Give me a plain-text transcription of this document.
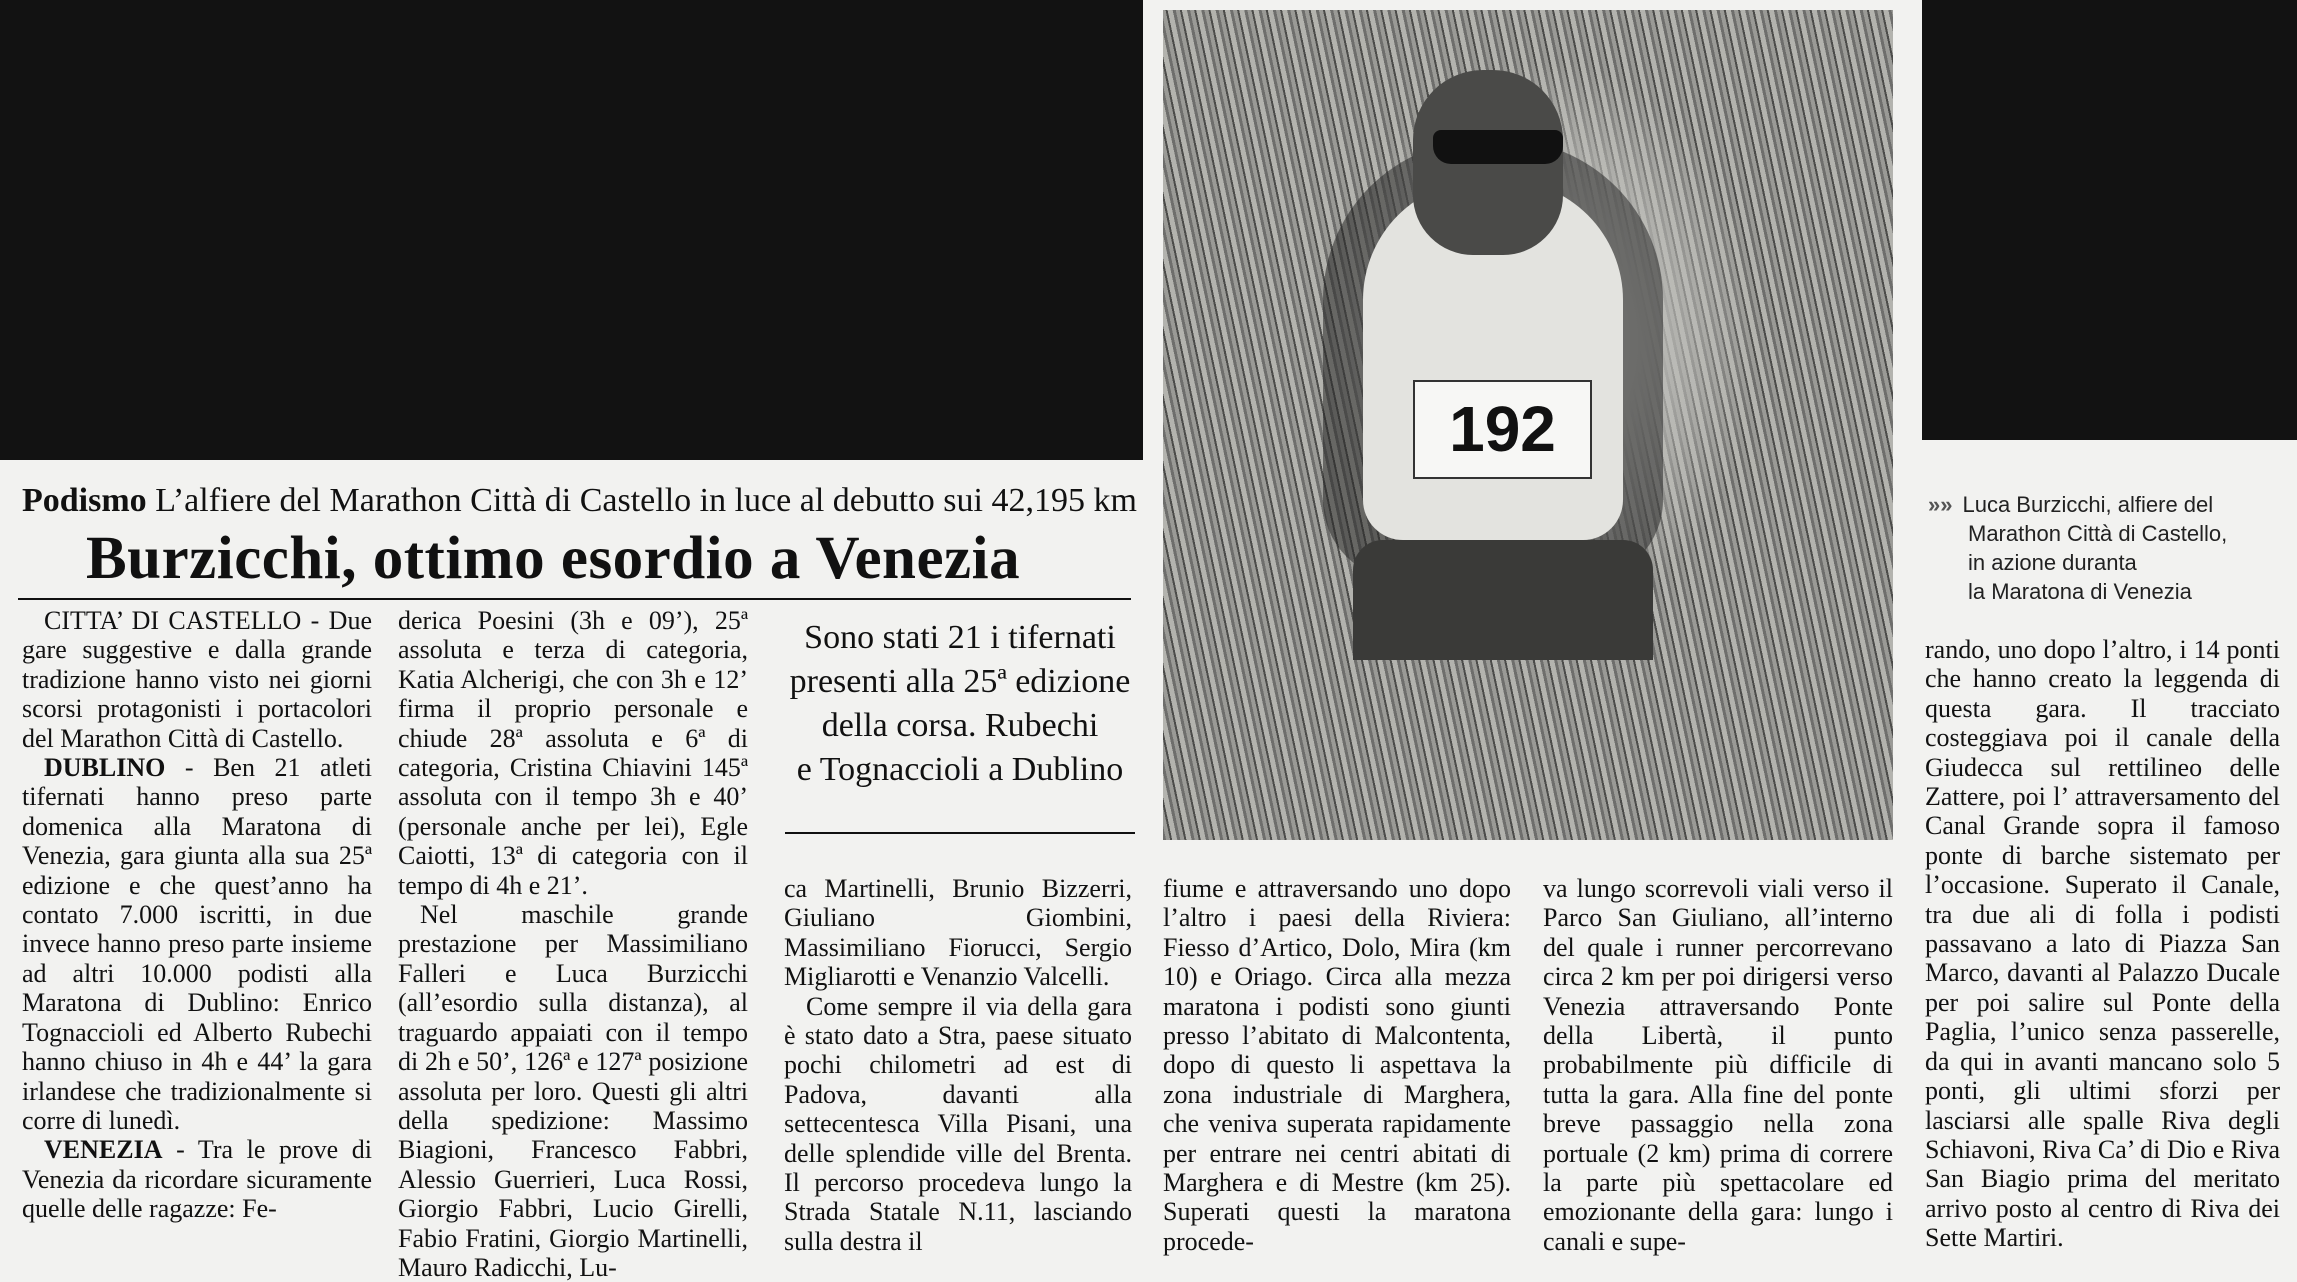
192
Podismo L’alfiere del Marathon Città di Castello in luce al debutto sui 42,195 km
Burzicchi, ottimo esordio a Venezia

CITTA’ DI CASTELLO - Due gare suggestive e dalla grande tradizione hanno visto nei giorni scorsi protagonisti i portacolori del Marathon Città di Castello.

DUBLINO - Ben 21 atleti tifernati hanno preso parte domenica alla Maratona di Venezia, gara giunta alla sua 25ª edizione e che quest’anno ha contato 7.000 iscritti, in due invece hanno preso parte insieme ad altri 10.000 podisti alla Maratona di Dublino: Enrico Tognaccioli ed Alberto Rubechi hanno chiuso in 4h e 44’ la gara irlandese che tradizionalmente si corre di lunedì.

VENEZIA - Tra le prove di Venezia da ricordare sicuramente quelle delle ragazze: Fe-

derica Poesini (3h e 09’), 25ª assoluta e terza di categoria, Katia Alcherigi, che con 3h e 12’ firma il proprio personale e chiude 28ª assoluta e 6ª di categoria, Cristina Chiavini 145ª assoluta con il tempo 3h e 40’ (personale anche per lei), Egle Caiotti, 13ª di categoria con il tempo di 4h e 21’.

Nel maschile grande prestazione per Massimiliano Falleri e Luca Burzicchi (all’esordio sulla distanza), al traguardo appaiati con il tempo di 2h e 50’, 126ª e 127ª posizione assoluta per loro. Questi gli altri della spedizione: Massimo Biagioni, Francesco Fabbri, Alessio Guerrieri, Luca Rossi, Giorgio Fabbri, Lucio Girelli, Fabio Fratini, Giorgio Martinelli, Mauro Radicchi, Lu-

Sono stati 21 i tifernati
presenti alla 25ª edizione
della corsa. Rubechi
e Tognaccioli a Dublino

ca Martinelli, Brunio Bizzerri, Giuliano Giombini, Massimiliano Fiorucci, Sergio Migliarotti e Venanzio Valcelli.

Come sempre il via della gara è stato dato a Stra, paese situato pochi chilometri ad est di Padova, davanti alla settecentesca Villa Pisani, una delle splendide ville del Brenta. Il percorso procedeva lungo la Strada Statale N.11, lasciando sulla destra il

fiume e attraversando uno dopo l’altro i paesi della Riviera: Fiesso d’Artico, Dolo, Mira (km 10) e Oriago. Circa alla mezza maratona i podisti sono giunti presso l’abitato di Malcontenta, dopo di questo li aspettava la zona industriale di Marghera, che veniva superata rapidamente per entrare nei centri abitati di Marghera e di Mestre (km 25). Superati questi la maratona procede-

va lungo scorrevoli viali verso il Parco San Giuliano, all’interno del quale i runner percorrevano circa 2 km per poi dirigersi verso Venezia attraversando Ponte della Libertà, il punto probabilmente più difficile di tutta la gara. Alla fine del ponte breve passaggio nella zona portuale (2 km) prima di correre la parte più spettacolare ed emozionante della gara: lungo i canali e supe-

»» Luca Burzicchi, alfiere del
Marathon Città di Castello,
in azione duranta
la Maratona di Venezia

rando, uno dopo l’altro, i 14 ponti che hanno creato la leggenda di questa gara. Il tracciato costeggiava poi il canale della Giudecca sul rettilineo delle Zattere, poi l’ attraversamento del Canal Grande sopra il famoso ponte di barche sistemato per l’occasione. Superato il Canale, tra due ali di folla i podisti passavano a lato di Piazza San Marco, davanti al Palazzo Ducale per poi salire sul Ponte della Paglia, l’unico senza passerelle, da qui in avanti mancano solo 5 ponti, gli ultimi sforzi per lasciarsi alle spalle Riva degli Schiavoni, Riva Ca’ di Dio e Riva San Biagio prima del meritato arrivo posto al centro di Riva dei Sette Martiri.
